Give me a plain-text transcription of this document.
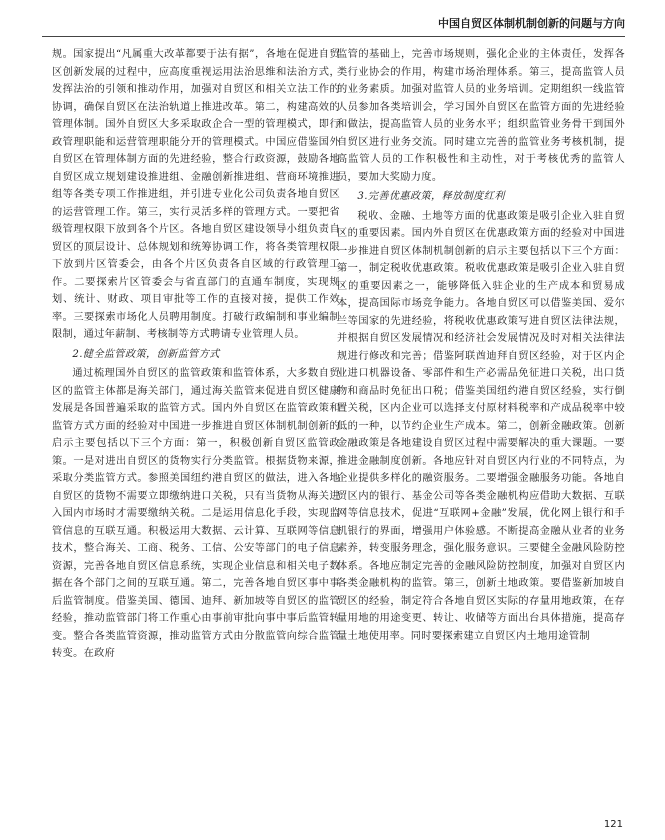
中国自贸区体制机制创新的问题与方向

规。国家提出“凡属重大改革都要于法有据”，各地在促进自贸区创新发展的过程中，应高度重视运用法治思维和法治方式，发挥法治的引领和推动作用，加强对自贸区和相关立法工作的协调，确保自贸区在法治轨道上推进改革。第二，构建高效的管理体制。国外自贸区大多采取政企合一型的管理模式，即行政管理职能和运营管理职能分开的管理模式。中国应借鉴国外自贸区在管理体制方面的先进经验，整合行政资源，鼓励各地自贸区成立规划建设推进组、金融创新推进组、营商环境推进组等各类专项工作推进组，并引进专业化公司负责各地自贸区的运营管理工作。第三，实行灵活多样的管理方式。一要把省级管理权限下放到各个片区。各地自贸区建设领导小组负责自贸区的顶层设计、总体规划和统筹协调工作，将各类管理权限下放到片区管委会，由各个片区负责各自区域的行政管理工作。二要探索片区管委会与省直部门的直通车制度，实现规划、统计、财政、项目审批等工作的直接对接，提供工作效率。三要探索市场化人员聘用制度。打破行政编制和事业编制限制，通过年薪制、考核制等方式聘请专业管理人员。

2.健全监管政策，创新监管方式

通过梳理国外自贸区的监管政策和监管体系，大多数自贸区的监管主体都是海关部门，通过海关监管来促进自贸区健康发展是各国普遍采取的监管方式。国内外自贸区在监管政策和监管方式方面的经验对中国进一步推进自贸区体制机制创新的启示主要包括以下三个方面：第一，积极创新自贸区监管政策。一是对进出自贸区的货物实行分类监管。根据货物来源，采取分类监管方式。参照美国纽约港自贸区的做法，进入各地自贸区的货物不需要立即缴纳进口关税，只有当货物从海关进入国内市场时才需要缴纳关税。二是运用信息化手段，实现监管信息的互联互通。积极运用大数据、云计算、互联网等信息技术，整合海关、工商、税务、工信、公安等部门的电子信息资源，完善各地自贸区信息系统，实现企业信息和相关电子数据在各个部门之间的互联互通。第二，完善各地自贸区事中事后监管制度。借鉴美国、德国、迪拜、新加坡等自贸区的监管经验，推动监管部门将工作重心由事前审批向事中事后监管转变。整合各类监管资源，推动监管方式由分散监管向综合监管转变。在政府

监管的基础上，完善市场规则，强化企业的主体责任，发挥各类行业协会的作用，构建市场治理体系。第三，提高监管人员的业务素质。加强对监管人员的业务培训。定期组织一线监管人员参加各类培训会，学习国外自贸区在监管方面的先进经验和做法，提高监管人员的业务水平；组织监管业务骨干到国外自贸区进行业务交流。同时建立完善的监管业务考核机制，提高监管人员的工作积极性和主动性，对于考核优秀的监管人员，要加大奖励力度。

3.完善优惠政策，释放制度红利

税收、金融、土地等方面的优惠政策是吸引企业入驻自贸区的重要因素。国内外自贸区在优惠政策方面的经验对中国进一步推进自贸区体制机制创新的启示主要包括以下三个方面：第一，制定税收优惠政策。税收优惠政策是吸引企业入驻自贸区的重要因素之一，能够降低入驻企业的生产成本和贸易成本，提高国际市场竞争能力。各地自贸区可以借鉴美国、爱尔兰等国家的先进经验，将税收优惠政策写进自贸区法律法规，并根据自贸区发展情况和经济社会发展情况及时对相关法律法规进行修改和完善；借鉴阿联酋迪拜自贸区经验，对于区内企业进口机器设备、零部件和生产必需品免征进口关税，出口货物和商品时免征出口税；借鉴美国纽约港自贸区经验，实行倒置关税，区内企业可以选择支付原材料税率和产成品税率中较低的一种，以节约企业生产成本。第二，创新金融政策。创新金融政策是各地建设自贸区过程中需要解决的重大课题。一要推进金融制度创新。各地应针对自贸区内行业的不同特点，为企业提供多样化的融资服务。二要增强金融服务功能。各地自贸区内的银行、基金公司等各类金融机构应借助大数据、互联网等信息技术，促进“互联网+金融”发展，优化网上银行和手机银行的界面，增强用户体验感。不断提高金融从业者的业务素养，转变服务理念，强化服务意识。三要健全金融风险防控体系。各地应制定完善的金融风险防控制度，加强对自贸区内各类金融机构的监管。第三，创新土地政策。要借鉴新加坡自贸区的经验，制定符合各地自贸区实际的存量用地政策，在存量用地的用途变更、转让、收储等方面出台具体措施，提高存量土地使用率。同时要探索建立自贸区内土地用途管制

121
